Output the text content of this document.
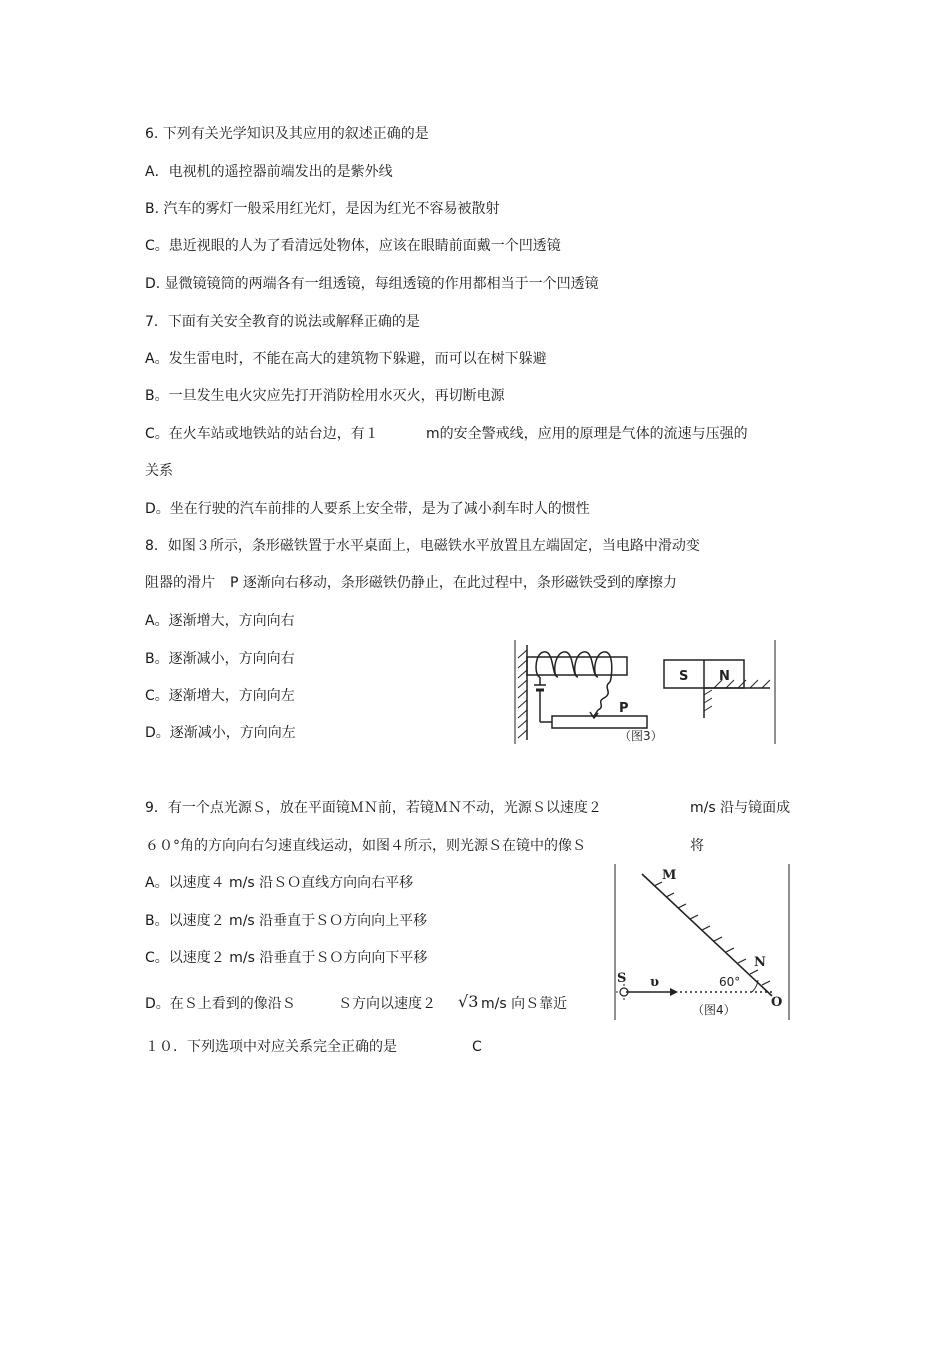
6. 下列有关光学知识及其应用的叙述正确的是
A．电视机的遥控器前端发出的是紫外线
B. 汽车的雾灯一般采用红光灯，是因为红光不容易被散射
C。患近视眼的人为了看清远处物体，应该在眼睛前面戴一个凹透镜
D. 显微镜镜筒的两端各有一组透镜，每组透镜的作用都相当于一个凹透镜
7．下面有关安全教育的说法或解释正确的是
A。发生雷电时，不能在高大的建筑物下躲避，而可以在树下躲避
B。一旦发生电火灾应先打开消防栓用水灭火，再切断电源
C。在火车站或地铁站的站台边，有１	m的安全警戒线，应用的原理是气体的流速与压强的
关系
D。坐在行驶的汽车前排的人要系上安全带，是为了减小刹车时人的惯性
8．如图３所示，条形磁铁置于水平桌面上，电磁铁水平放置且左端固定，当电路中滑动变
阻器的滑片 P 逐渐向右移动，条形磁铁仍静止，在此过程中，条形磁铁受到的摩擦力
A。逐渐增大，方向向右
B。逐渐减小，方向向右
C。逐渐增大，方向向左
D。逐渐减小，方向向左
S N
P
（图3）
9．有一个点光源Ｓ，放在平面镜ＭＮ前，若镜ＭＮ不动，光源Ｓ以速度２	m/s 沿与镜面成
６０°角的方向向右匀速直线运动，如图４所示，则光源Ｓ在镜中的像Ｓ	将
A。以速度４ m/s 沿ＳＯ直线方向向右平移
B。以速度２ m/s 沿垂直于ＳＯ方向向上平移
C。以速度２ m/s 沿垂直于ＳＯ方向向下平移
D。在Ｓ上看到的像沿Ｓ	Ｓ方向以速度２ √3 m/s 向Ｓ靠近
M
N
S υ	60°
O
（图4）
１０．下列选项中对应关系完全正确的是	C
